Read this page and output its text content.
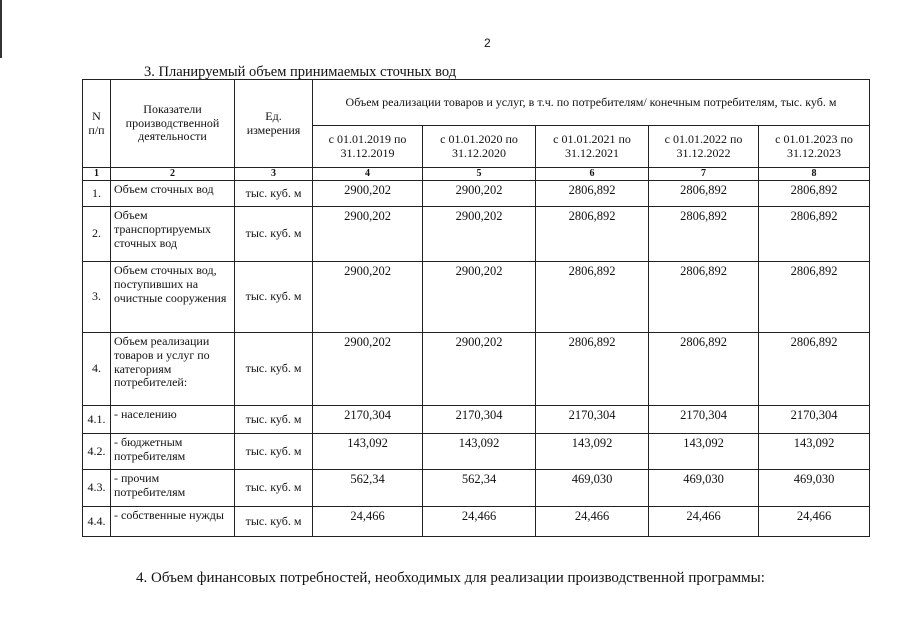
2
3. Планируемый объем принимаемых сточных вод
N п/п	Показатели производственной деятельности	Ед. измерения	Объем реализации товаров и услуг, в т.ч. по потребителям/ конечным потребителям, тыс. куб. м				
			с 01.01.2019 по 31.12.2019	с 01.01.2020 по 31.12.2020	с 01.01.2021 по 31.12.2021	с 01.01.2022 по 31.12.2022	с 01.01.2023 по 31.12.2023
1	2	3	4	5	6	7	8
1.	Объем сточных вод	тыс. куб. м	2900,202	2900,202	2806,892	2806,892	2806,892
2.	Объем транспортируемых сточных вод	тыс. куб. м	2900,202	2900,202	2806,892	2806,892	2806,892
3.	Объем сточных вод, поступивших на очистные сооружения	тыс. куб. м	2900,202	2900,202	2806,892	2806,892	2806,892
4.	Объем реализации товаров и услуг по категориям потребителей:	тыс. куб. м	2900,202	2900,202	2806,892	2806,892	2806,892
4.1.	- населению	тыс. куб. м	2170,304	2170,304	2170,304	2170,304	2170,304
4.2.	- бюджетным потребителям	тыс. куб. м	143,092	143,092	143,092	143,092	143,092
4.3.	- прочим потребителям	тыс. куб. м	562,34	562,34	469,030	469,030	469,030
4.4.	- собственные нужды	тыс. куб. м	24,466	24,466	24,466	24,466	24,466
4. Объем финансовых потребностей, необходимых для реализации производственной программы:
